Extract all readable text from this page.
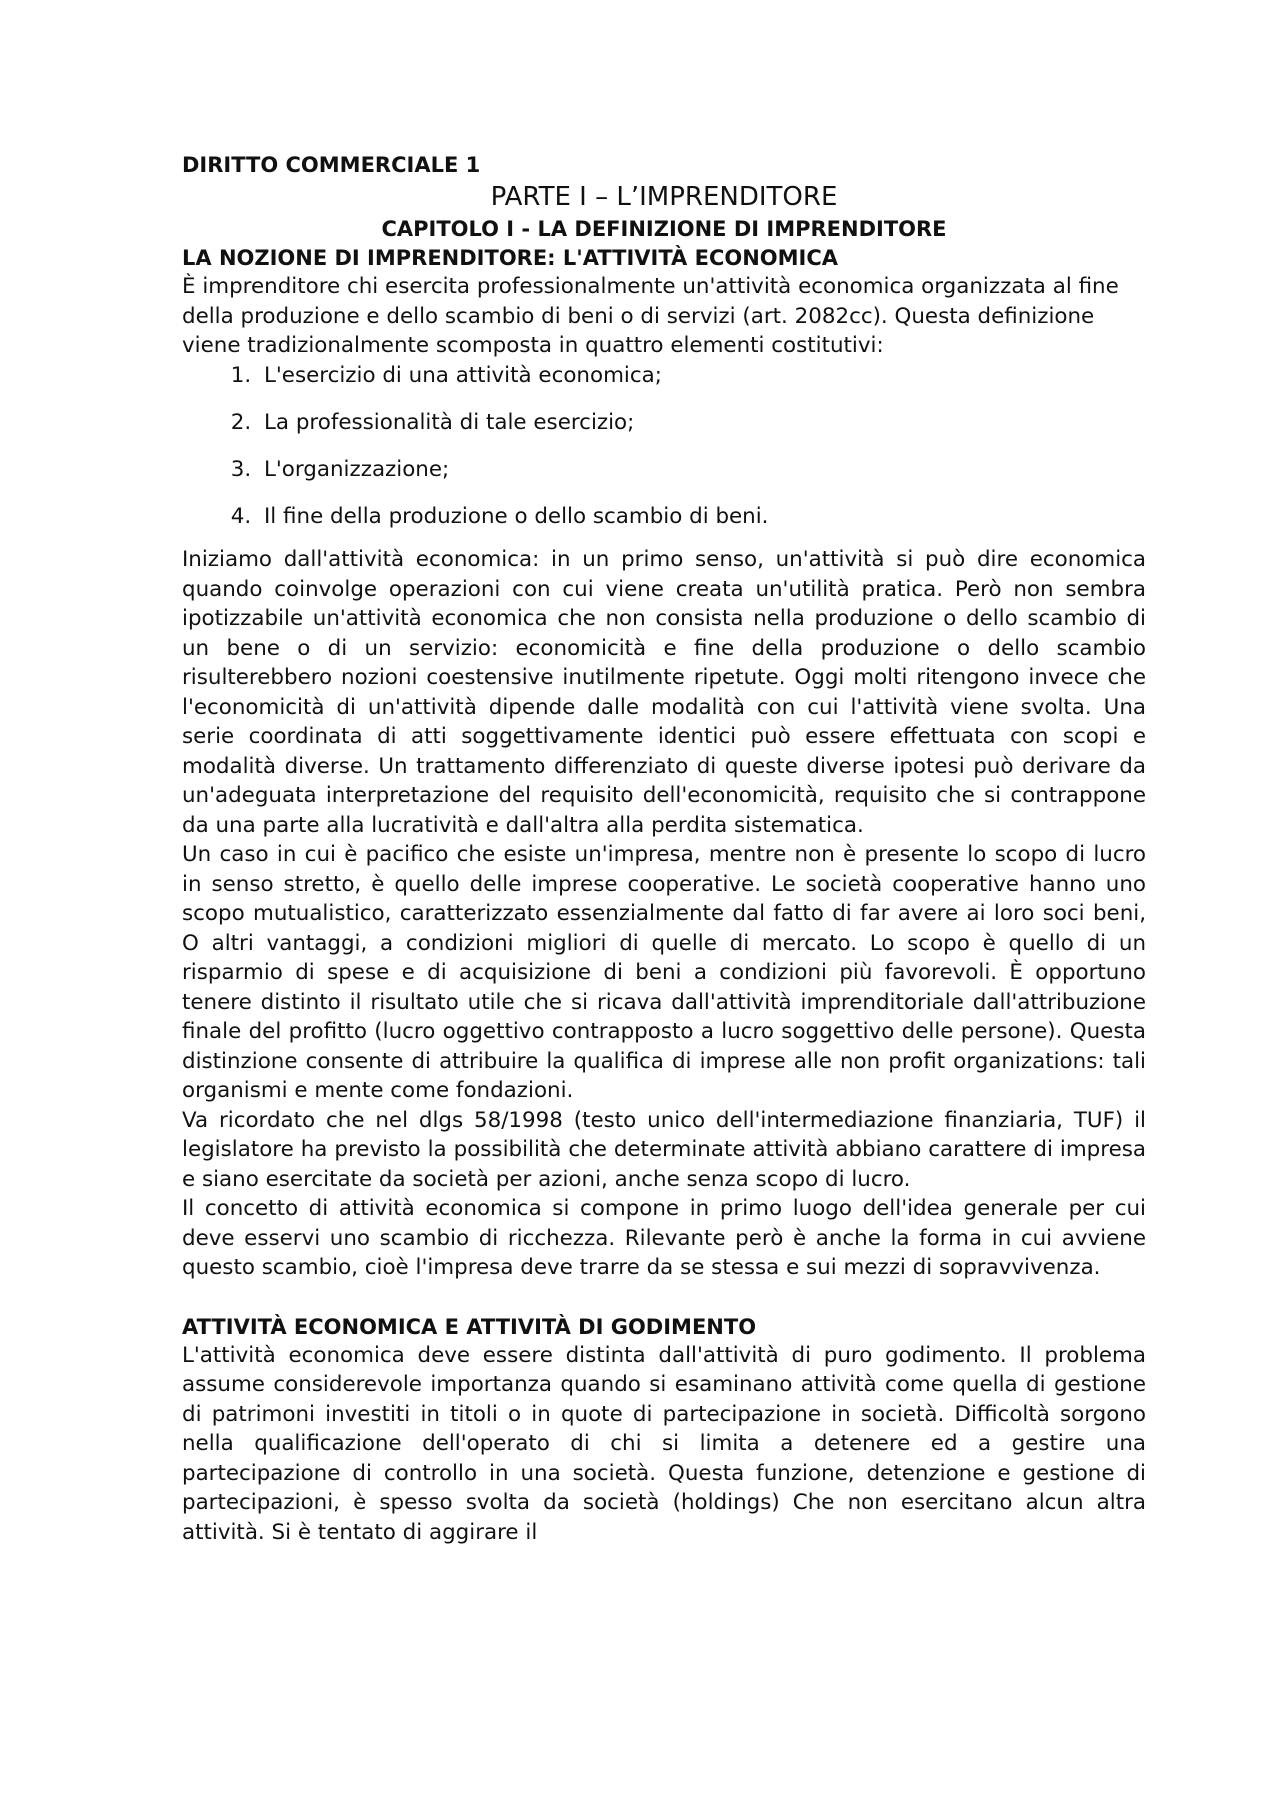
DIRITTO COMMERCIALE 1
PARTE I – L’IMPRENDITORE
CAPITOLO I - LA DEFINIZIONE DI IMPRENDITORE
LA NOZIONE DI IMPRENDITORE: L'ATTIVITÀ ECONOMICA

È imprenditore chi esercita professionalmente un'attività economica organizzata al fine della produzione e dello scambio di beni o di servizi (art. 2082cc). Questa definizione viene tradizionalmente scomposta in quattro elementi costitutivi:

1. L'esercizio di una attività economica;
2. La professionalità di tale esercizio;
3. L'organizzazione;
4. Il fine della produzione o dello scambio di beni.

Iniziamo dall'attività economica: in un primo senso, un'attività si può dire economica quando coinvolge operazioni con cui viene creata un'utilità pratica. Però non sembra ipotizzabile un'attività economica che non consista nella produzione o dello scambio di un bene o di un servizio: economicità e fine della produzione o dello scambio risulterebbero nozioni coestensive inutilmente ripetute. Oggi molti ritengono invece che l'economicità di un'attività dipende dalle modalità con cui l'attività viene svolta. Una serie coordinata di atti soggettivamente identici può essere effettuata con scopi e modalità diverse. Un trattamento differenziato di queste diverse ipotesi può derivare da un'adeguata interpretazione del requisito dell'economicità, requisito che si contrappone da una parte alla lucratività e dall'altra alla perdita sistematica.

Un caso in cui è pacifico che esiste un'impresa, mentre non è presente lo scopo di lucro in senso stretto, è quello delle imprese cooperative. Le società cooperative hanno uno scopo mutualistico, caratterizzato essenzialmente dal fatto di far avere ai loro soci beni, O altri vantaggi, a condizioni migliori di quelle di mercato. Lo scopo è quello di un risparmio di spese e di acquisizione di beni a condizioni più favorevoli. È opportuno tenere distinto il risultato utile che si ricava dall'attività imprenditoriale dall'attribuzione finale del profitto (lucro oggettivo contrapposto a lucro soggettivo delle persone). Questa distinzione consente di attribuire la qualifica di imprese alle non profit organizations: tali organismi e mente come fondazioni.

Va ricordato che nel dlgs 58/1998 (testo unico dell'intermediazione finanziaria, TUF) il legislatore ha previsto la possibilità che determinate attività abbiano carattere di impresa e siano esercitate da società per azioni, anche senza scopo di lucro.

Il concetto di attività economica si compone in primo luogo dell'idea generale per cui deve esservi uno scambio di ricchezza. Rilevante però è anche la forma in cui avviene questo scambio, cioè l'impresa deve trarre da se stessa e sui mezzi di sopravvivenza.

ATTIVITÀ ECONOMICA E ATTIVITÀ DI GODIMENTO

L'attività economica deve essere distinta dall'attività di puro godimento. Il problema assume considerevole importanza quando si esaminano attività come quella di gestione di patrimoni investiti in titoli o in quote di partecipazione in società. Difficoltà sorgono nella qualificazione dell'operato di chi si limita a detenere ed a gestire una partecipazione di controllo in una società. Questa funzione, detenzione e gestione di partecipazioni, è spesso svolta da società (holdings) Che non esercitano alcun altra attività. Si è tentato di aggirare il
